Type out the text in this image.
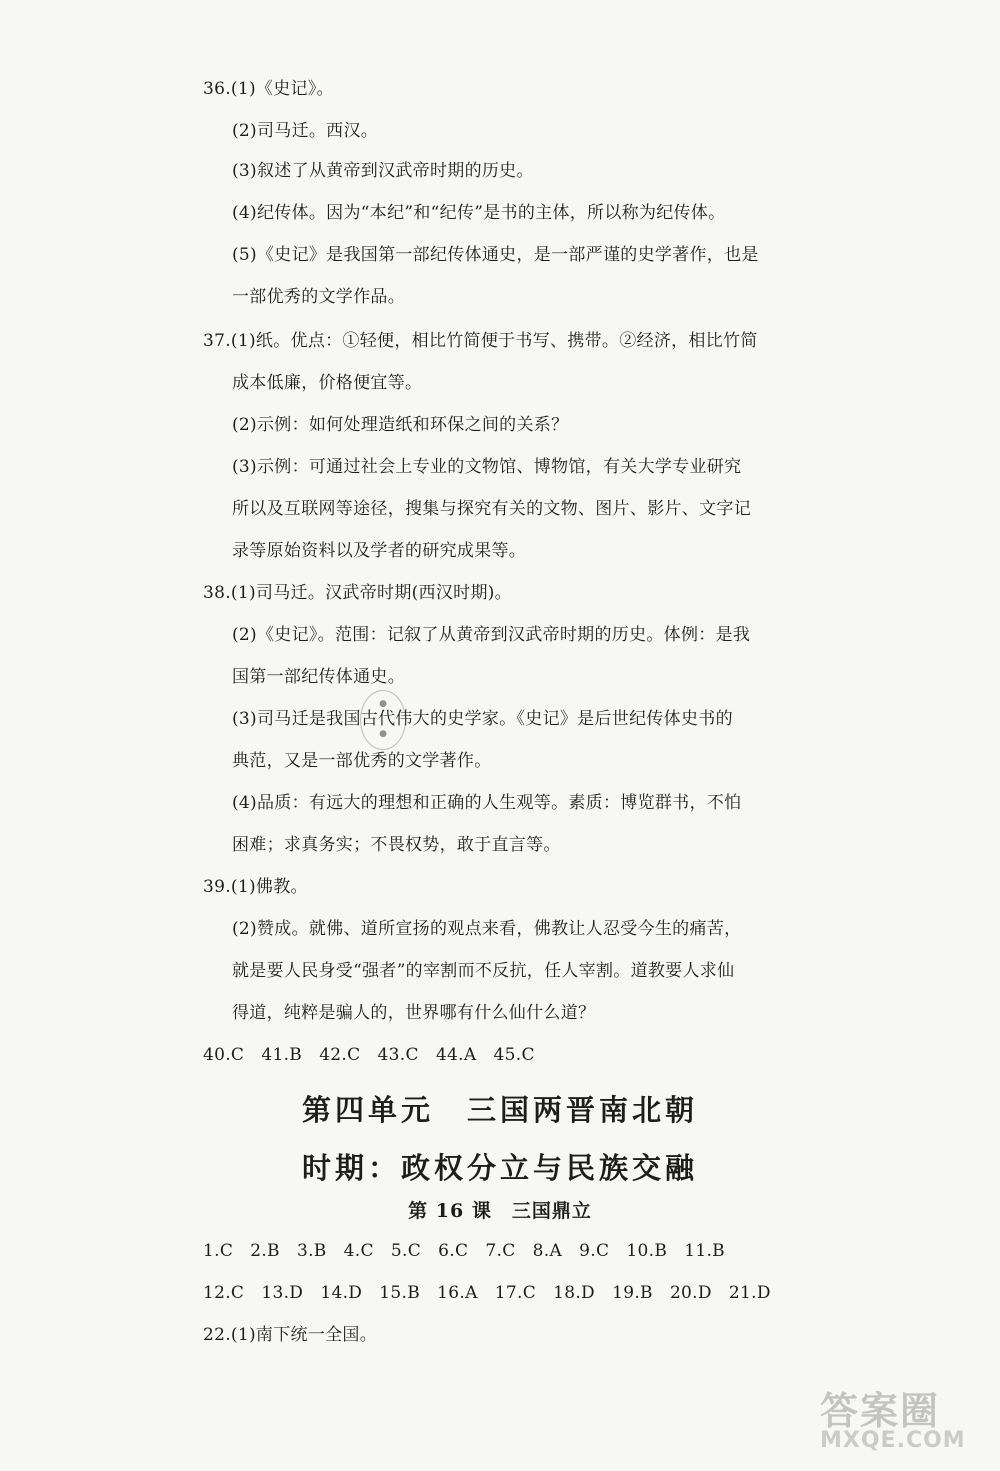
36.(1)《史记》。
(2)司马迁。西汉。
(3)叙述了从黄帝到汉武帝时期的历史。
(4)纪传体。因为“本纪”和“纪传”是书的主体，所以称为纪传体。
(5)《史记》是我国第一部纪传体通史，是一部严谨的史学著作，也是
一部优秀的文学作品。
37.(1)纸。优点：①轻便，相比竹简便于书写、携带。②经济，相比竹简
成本低廉，价格便宜等。
(2)示例：如何处理造纸和环保之间的关系？
(3)示例：可通过社会上专业的文物馆、博物馆，有关大学专业研究
所以及互联网等途径，搜集与探究有关的文物、图片、影片、文字记
录等原始资料以及学者的研究成果等。
38.(1)司马迁。汉武帝时期(西汉时期)。
(2)《史记》。范围：记叙了从黄帝到汉武帝时期的历史。体例：是我
国第一部纪传体通史。
(3)司马迁是我国古代伟大的史学家。《史记》是后世纪传体史书的
典范，又是一部优秀的文学著作。
(4)品质：有远大的理想和正确的人生观等。素质：博览群书，不怕
困难；求真务实；不畏权势，敢于直言等。
●
●
39.(1)佛教。
(2)赞成。就佛、道所宣扬的观点来看，佛教让人忍受今生的痛苦，
就是要人民身受“强者”的宰割而不反抗，任人宰割。道教要人求仙
得道，纯粹是骗人的，世界哪有什么仙什么道？
40.C   41.B   42.C   43.C   44.A   45.C
第四单元　三国两晋南北朝
时期：政权分立与民族交融
第 16 课　三国鼎立
1.C   2.B   3.B   4.C   5.C   6.C   7.C   8.A   9.C   10.B   11.B
12.C   13.D   14.D   15.B   16.A   17.C   18.D   19.B   20.D   21.D
22.(1)南下统一全国。
答案圈
MXQE.COM
